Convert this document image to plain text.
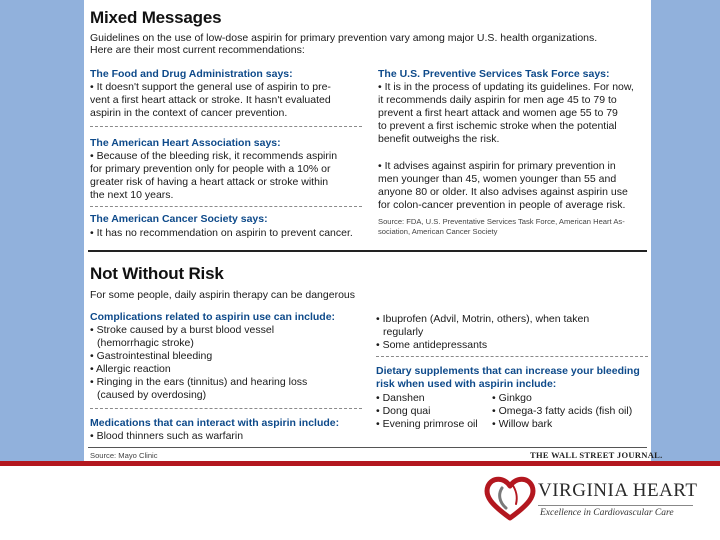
Mixed Messages
Guidelines on the use of low-dose aspirin for primary prevention vary among major U.S. health organizations.
Here are their most current recommendations:
The Food and Drug Administration says:
• It doesn't support the general use of aspirin to pre-
vent a first heart attack or stroke. It hasn't evaluated
aspirin in the context of cancer prevention.
The American Heart Association says:
• Because of the bleeding risk, it recommends aspirin
for primary prevention only for people with a 10% or
greater risk of having a heart attack or stroke within
the next 10 years.
The American Cancer Society says:
• It has no recommendation on aspirin to prevent cancer.
The U.S. Preventive Services Task Force says:
• It is in the process of updating its guidelines. For now,
it recommends daily aspirin for men age 45 to 79 to
prevent a first heart attack and women age 55 to 79
to prevent a first ischemic stroke when the potential
benefit outweighs the risk.
• It advises against aspirin for primary prevention in
men younger than 45, women younger than 55 and
anyone 80 or older. It also advises against aspirin use
for colon-cancer prevention in people of average risk.
Source: FDA, U.S. Preventative Services Task Force, American Heart As-
sociation, American Cancer Society
Not Without Risk
For some people, daily aspirin therapy can be dangerous
Complications related to aspirin use can include:
• Stroke caused by a burst blood vessel
(hemorrhagic stroke)
• Gastrointestinal bleeding
• Allergic reaction
• Ringing in the ears (tinnitus) and hearing loss
(caused by overdosing)
Medications that can interact with aspirin include:
• Blood thinners such as warfarin
• Ibuprofen (Advil, Motrin, others), when taken
regularly
• Some antidepressants
Dietary supplements that can increase your bleeding
risk when used with aspirin include:
• Danshen
• Dong quai
• Evening primrose oil
• Ginkgo
• Omega-3 fatty acids (fish oil)
• Willow bark
Source: Mayo Clinic	THE WALL STREET JOURNAL.
VIRGINIA HEART
Excellence in Cardiovascular Care
